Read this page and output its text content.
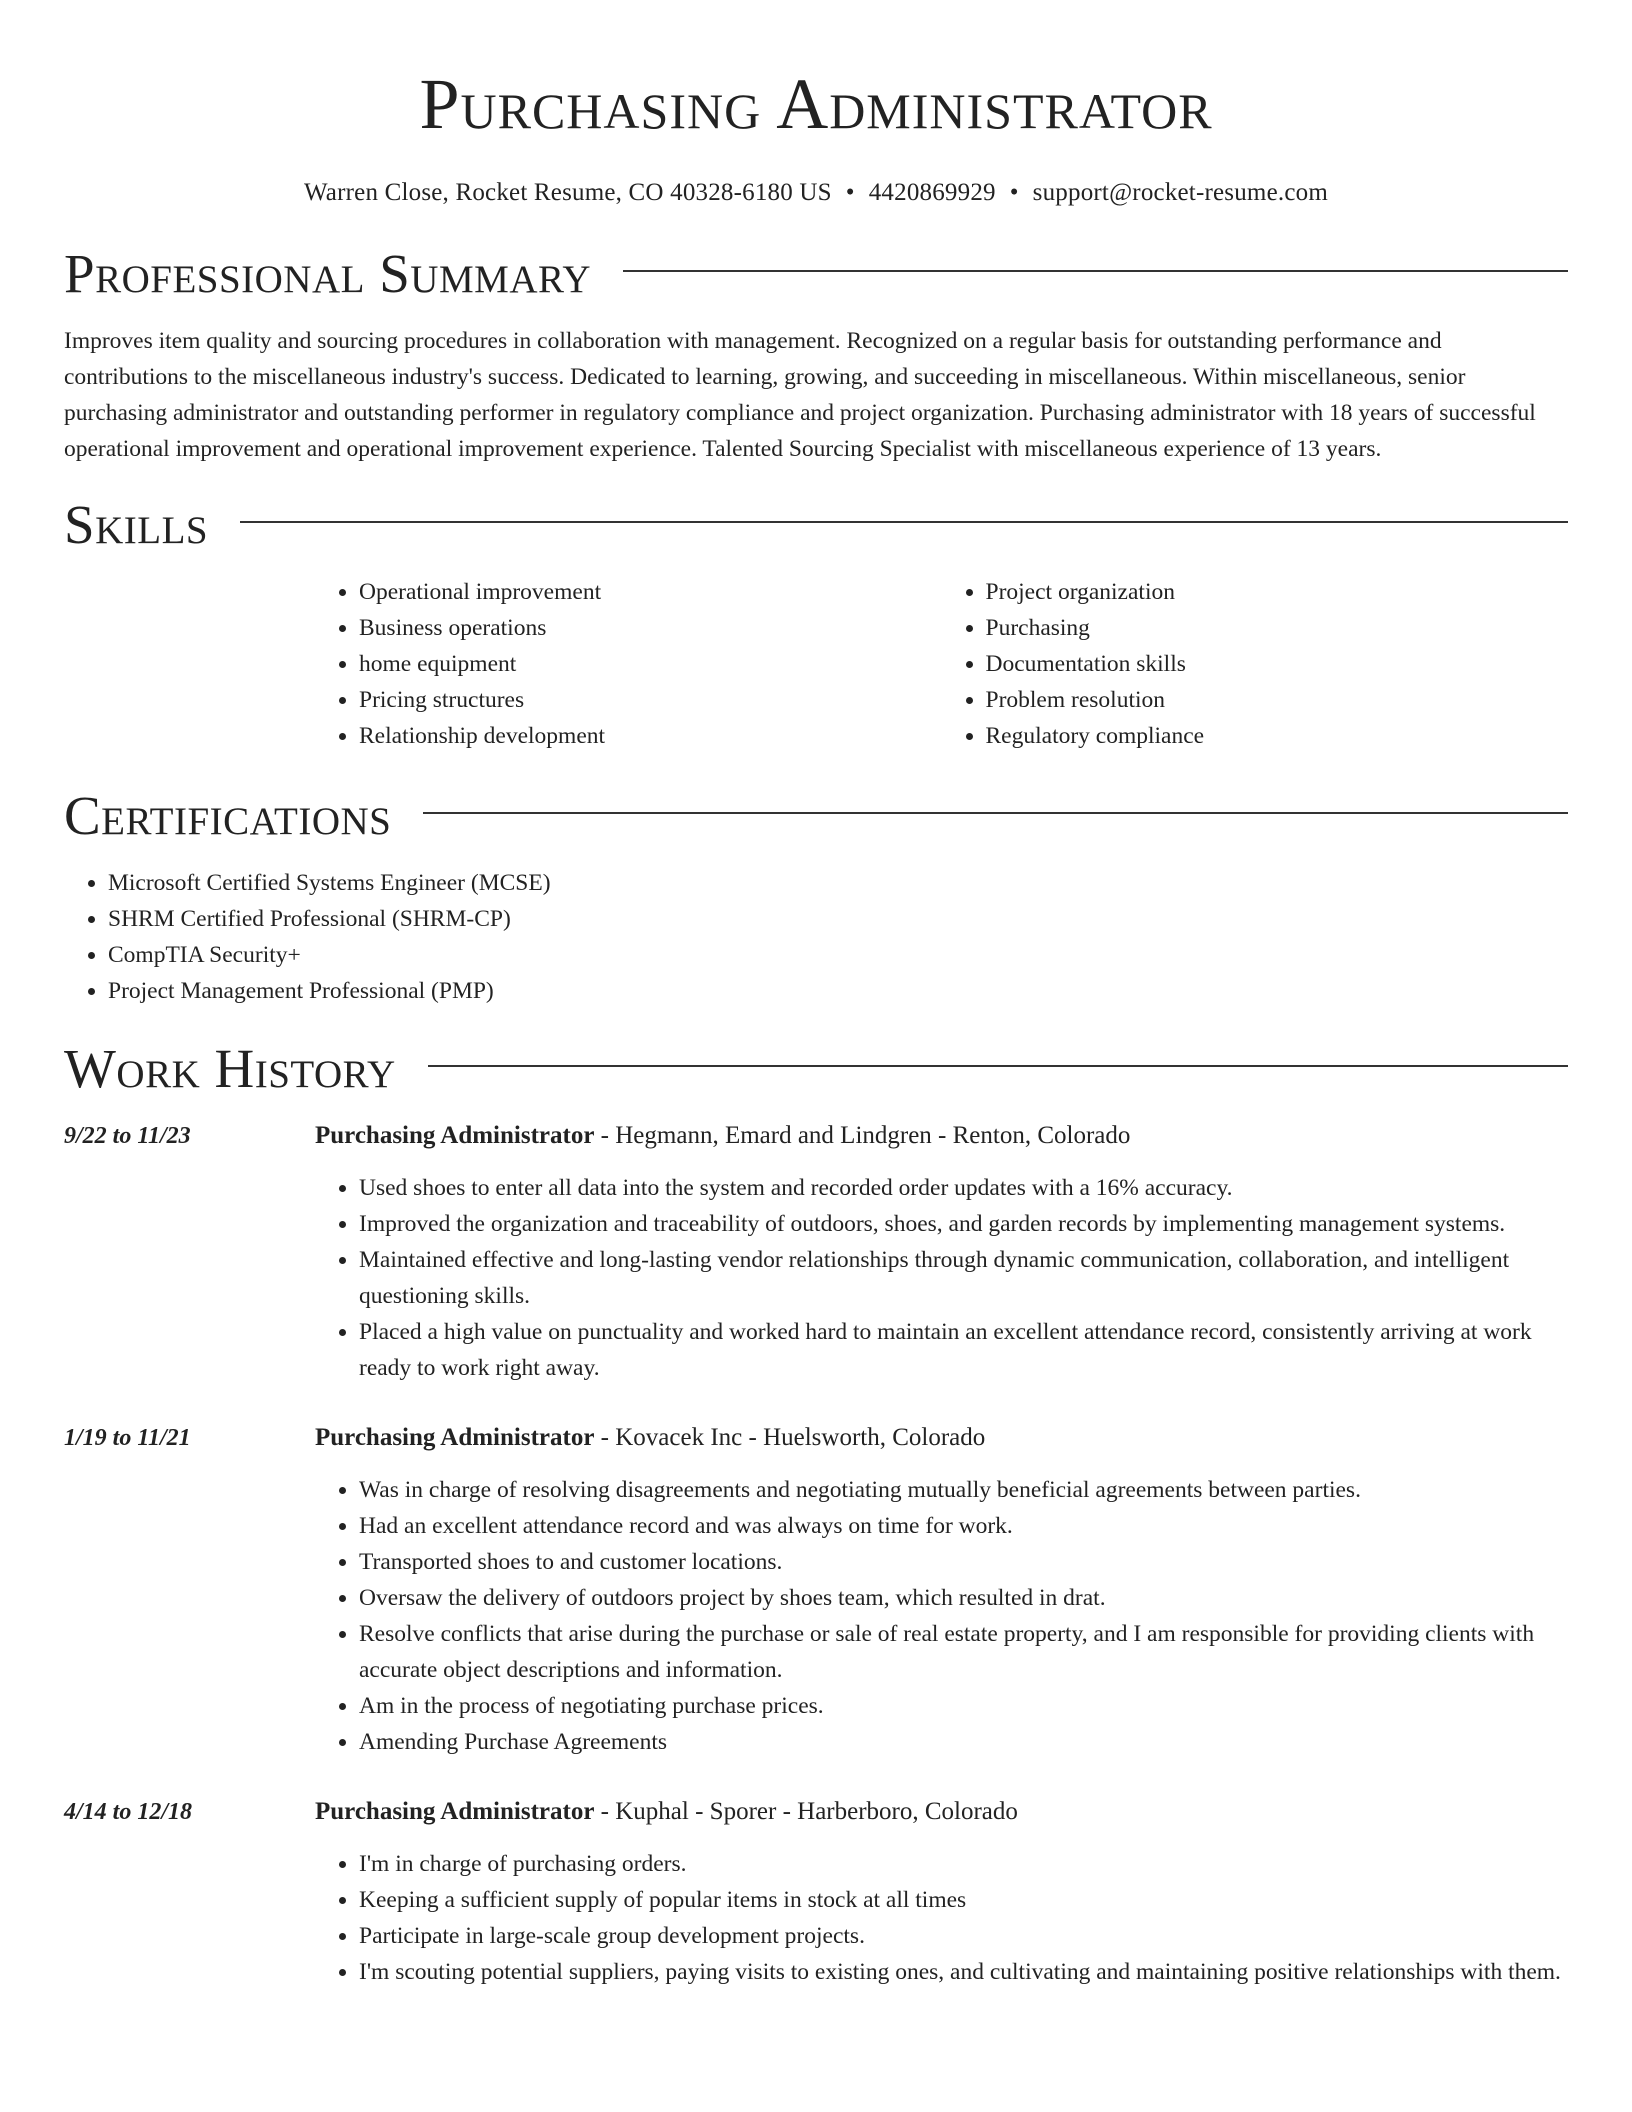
Purchasing Administrator
Warren Close, Rocket Resume, CO 40328-6180 US • 4420869929 • support@rocket-resume.com
Professional Summary

Improves item quality and sourcing procedures in collaboration with management. Recognized on a regular basis for outstanding performance and contributions to the miscellaneous industry's success. Dedicated to learning, growing, and succeeding in miscellaneous. Within miscellaneous, senior purchasing administrator and outstanding performer in regulatory compliance and project organization. Purchasing administrator with 18 years of successful operational improvement and operational improvement experience. Talented Sourcing Specialist with miscellaneous experience of 13 years.

Skills
• Operational improvement
• Business operations
• home equipment
• Pricing structures
• Relationship development
• Project organization
• Purchasing
• Documentation skills
• Problem resolution
• Regulatory compliance
Certifications
• Microsoft Certified Systems Engineer (MCSE)
• SHRM Certified Professional (SHRM-CP)
• CompTIA Security+
• Project Management Professional (PMP)
Work History
9/22 to 11/23	Purchasing Administrator - Hegmann, Emard and Lindgren - Renton, Colorado

• Used shoes to enter all data into the system and recorded order updates with a 16% accuracy.
• Improved the organization and traceability of outdoors, shoes, and garden records by implementing management systems.
• Maintained effective and long-lasting vendor relationships through dynamic communication, collaboration, and intelligent questioning skills.
• Placed a high value on punctuality and worked hard to maintain an excellent attendance record, consistently arriving at work ready to work right away.
1/19 to 11/21	Purchasing Administrator - Kovacek Inc - Huelsworth, Colorado

• Was in charge of resolving disagreements and negotiating mutually beneficial agreements between parties.
• Had an excellent attendance record and was always on time for work.
• Transported shoes to and customer locations.
• Oversaw the delivery of outdoors project by shoes team, which resulted in drat.
• Resolve conflicts that arise during the purchase or sale of real estate property, and I am responsible for providing clients with accurate object descriptions and information.
• Am in the process of negotiating purchase prices.
• Amending Purchase Agreements
4/14 to 12/18	Purchasing Administrator - Kuphal - Sporer - Harberboro, Colorado

• I'm in charge of purchasing orders.
• Keeping a sufficient supply of popular items in stock at all times
• Participate in large-scale group development projects.
• I'm scouting potential suppliers, paying visits to existing ones, and cultivating and maintaining positive relationships with them.
